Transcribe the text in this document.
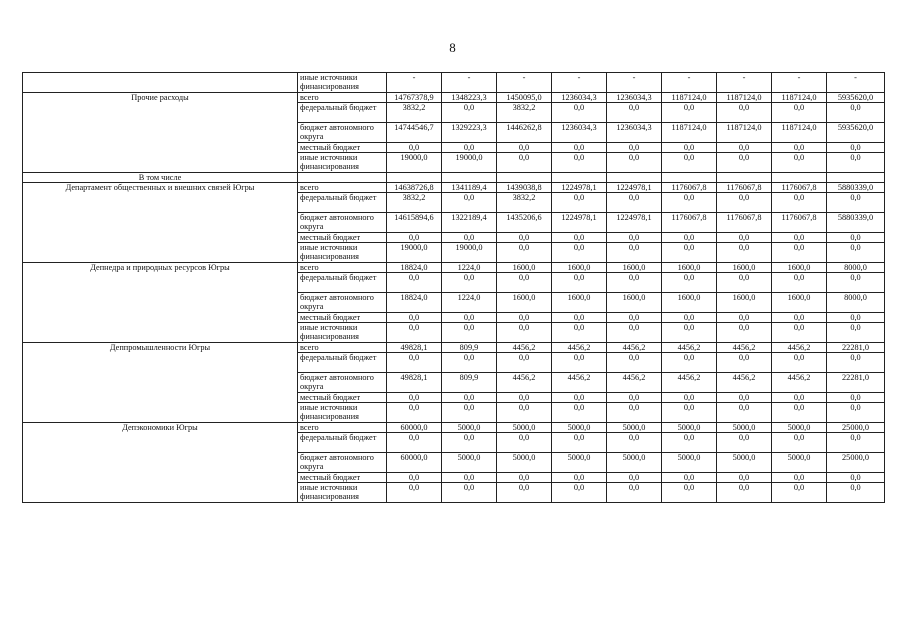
8
	иные источники финансирования	-	-	-	-	-	-	-	-	-
Прочие расходы	всего	14767378,9	1348223,3	1450095,0	1236034,3	1236034,3	1187124,0	1187124,0	1187124,0	5935620,0
	федеральный бюджет	3832,2	0,0	3832,2	0,0	0,0	0,0	0,0	0,0	0,0
	бюджет автономного округа	14744546,7	1329223,3	1446262,8	1236034,3	1236034,3	1187124,0	1187124,0	1187124,0	5935620,0
	местный бюджет	0,0	0,0	0,0	0,0	0,0	0,0	0,0	0,0	0,0
	иные источники финансирования	19000,0	19000,0	0,0	0,0	0,0	0,0	0,0	0,0	0,0
В том числе										
Департамент общественных и внешних связей Югры	всего	14638726,8	1341189,4	1439038,8	1224978,1	1224978,1	1176067,8	1176067,8	1176067,8	5880339,0
	федеральный бюджет	3832,2	0,0	3832,2	0,0	0,0	0,0	0,0	0,0	0,0
	бюджет автономного округа	14615894,6	1322189,4	1435206,6	1224978,1	1224978,1	1176067,8	1176067,8	1176067,8	5880339,0
	местный бюджет	0,0	0,0	0,0	0,0	0,0	0,0	0,0	0,0	0,0
	иные источники финансирования	19000,0	19000,0	0,0	0,0	0,0	0,0	0,0	0,0	0,0
Депнедра и природных ресурсов Югры	всего	18824,0	1224,0	1600,0	1600,0	1600,0	1600,0	1600,0	1600,0	8000,0
	федеральный бюджет	0,0	0,0	0,0	0,0	0,0	0,0	0,0	0,0	0,0
	бюджет автономного округа	18824,0	1224,0	1600,0	1600,0	1600,0	1600,0	1600,0	1600,0	8000,0
	местный бюджет	0,0	0,0	0,0	0,0	0,0	0,0	0,0	0,0	0,0
	иные источники финансирования	0,0	0,0	0,0	0,0	0,0	0,0	0,0	0,0	0,0
Деппромышленности Югры	всего	49828,1	809,9	4456,2	4456,2	4456,2	4456,2	4456,2	4456,2	22281,0
	федеральный бюджет	0,0	0,0	0,0	0,0	0,0	0,0	0,0	0,0	0,0
	бюджет автономного округа	49828,1	809,9	4456,2	4456,2	4456,2	4456,2	4456,2	4456,2	22281,0
	местный бюджет	0,0	0,0	0,0	0,0	0,0	0,0	0,0	0,0	0,0
	иные источники финансирования	0,0	0,0	0,0	0,0	0,0	0,0	0,0	0,0	0,0
Депэкономики Югры	всего	60000,0	5000,0	5000,0	5000,0	5000,0	5000,0	5000,0	5000,0	25000,0
	федеральный бюджет	0,0	0,0	0,0	0,0	0,0	0,0	0,0	0,0	0,0
	бюджет автономного округа	60000,0	5000,0	5000,0	5000,0	5000,0	5000,0	5000,0	5000,0	25000,0
	местный бюджет	0,0	0,0	0,0	0,0	0,0	0,0	0,0	0,0	0,0
	иные источники финансирования	0,0	0,0	0,0	0,0	0,0	0,0	0,0	0,0	0,0
